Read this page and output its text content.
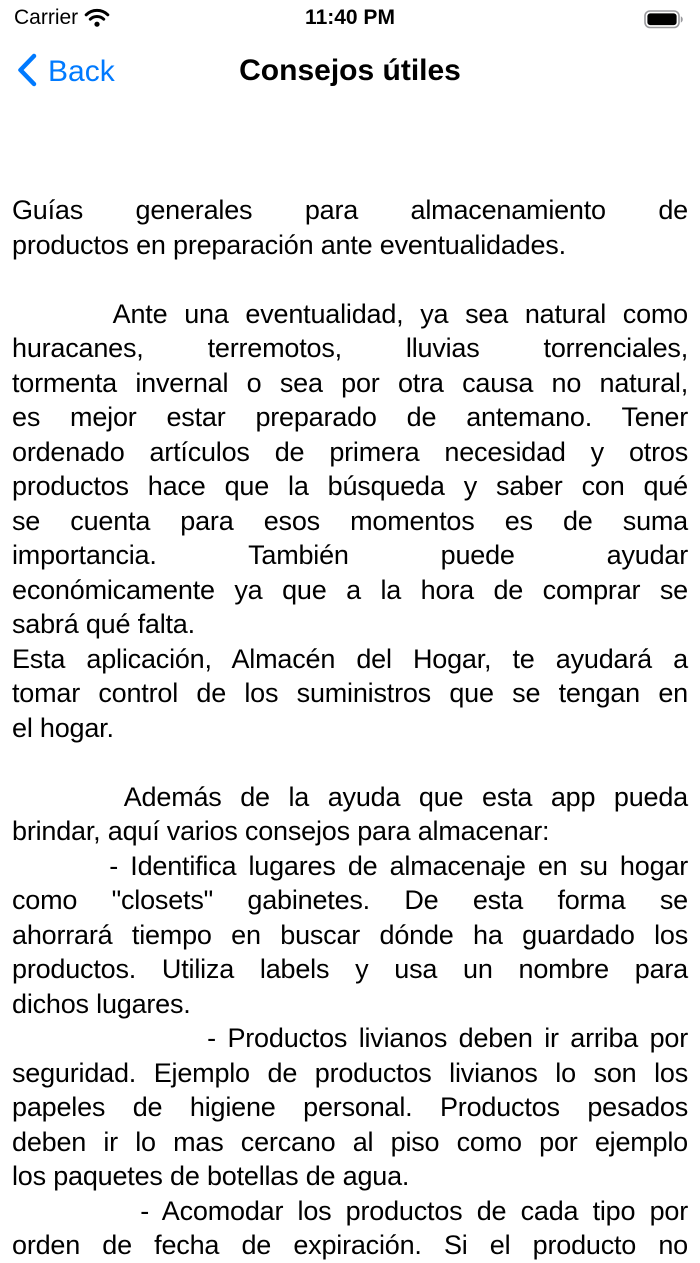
Carrier	11:40 PM
Back	Consejos útiles
Guías generales para almacenamiento de
productos en preparación ante eventualidades.

Ante una eventualidad, ya sea natural como
huracanes, terremotos, lluvias torrenciales,
tormenta invernal o sea por otra causa no natural,
es mejor estar preparado de antemano. Tener
ordenado artículos de primera necesidad y otros
productos hace que la búsqueda y saber con qué
se cuenta para esos momentos es de suma
importancia. También puede ayudar
económicamente ya que a la hora de comprar se
sabrá qué falta.
Esta aplicación, Almacén del Hogar, te ayudará a
tomar control de los suministros que se tengan en
el hogar.

Además de la ayuda que esta app pueda
brindar, aquí varios consejos para almacenar:
- Identifica lugares de almacenaje en su hogar
como "closets" gabinetes. De esta forma se
ahorrará tiempo en buscar dónde ha guardado los
productos. Utiliza labels y usa un nombre para
dichos lugares.
- Productos livianos deben ir arriba por
seguridad. Ejemplo de productos livianos lo son los
papeles de higiene personal. Productos pesados
deben ir lo mas cercano al piso como por ejemplo
los paquetes de botellas de agua.
- Acomodar los productos de cada tipo por
orden de fecha de expiración. Si el producto no
